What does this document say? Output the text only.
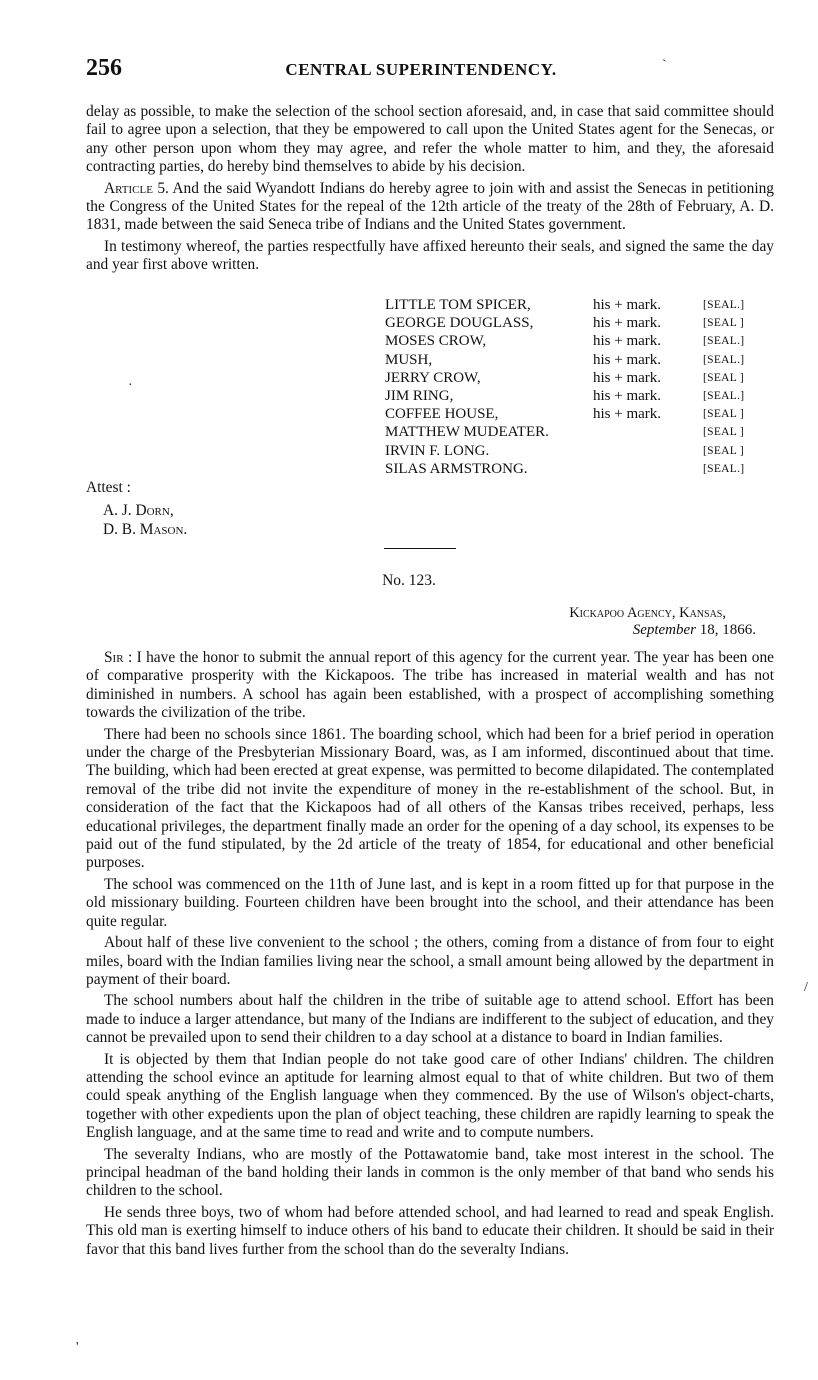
256	CENTRAL SUPERINTENDENCY.

delay as possible, to make the selection of the school section aforesaid, and, in case that said committee should fail to agree upon a selection, that they be empowered to call upon the United States agent for the Senecas, or any other person upon whom they may agree, and refer the whole matter to him, and they, the aforesaid contracting parties, do hereby bind themselves to abide by his decision.

Article 5. And the said Wyandott Indians do hereby agree to join with and assist the Senecas in petitioning the Congress of the United States for the repeal of the 12th article of the treaty of the 28th of February, A. D. 1831, made between the said Seneca tribe of Indians and the United States government.

In testimony whereof, the parties respectfully have affixed hereunto their seals, and signed the same the day and year first above written.

LITTLE TOM SPICER,	his + mark.	[SEAL.]
GEORGE DOUGLASS,	his + mark.	[SEAL ]
MOSES CROW,	his + mark.	[SEAL.]
MUSH,	his + mark.	[SEAL.]
JERRY CROW,	his + mark.	[SEAL ]
JIM RING,	his + mark.	[SEAL.]
COFFEE HOUSE,	his + mark.	[SEAL ]
MATTHEW MUDEATER.		[SEAL ]
IRVIN F. LONG.		[SEAL ]
SILAS ARMSTRONG.		[SEAL.]
Attest :
A. J. Dorn,
D. B. Mason.
No. 123.
Kickapoo Agency, Kansas,
September 18, 1866.

Sir : I have the honor to submit the annual report of this agency for the current year. The year has been one of comparative prosperity with the Kickapoos. The tribe has increased in material wealth and has not diminished in numbers. A school has again been established, with a prospect of accomplishing something towards the civilization of the tribe.

There had been no schools since 1861. The boarding school, which had been for a brief period in operation under the charge of the Presbyterian Missionary Board, was, as I am informed, discontinued about that time. The building, which had been erected at great expense, was permitted to become dilapidated. The contemplated removal of the tribe did not invite the expenditure of money in the re-establishment of the school. But, in consideration of the fact that the Kickapoos had of all others of the Kansas tribes received, perhaps, less educational privileges, the department finally made an order for the opening of a day school, its expenses to be paid out of the fund stipulated, by the 2d article of the treaty of 1854, for educational and other beneficial purposes.

The school was commenced on the 11th of June last, and is kept in a room fitted up for that purpose in the old missionary building. Fourteen children have been brought into the school, and their attendance has been quite regular.

About half of these live convenient to the school ; the others, coming from a distance of from four to eight miles, board with the Indian families living near the school, a small amount being allowed by the department in payment of their board.

The school numbers about half the children in the tribe of suitable age to attend school. Effort has been made to induce a larger attendance, but many of the Indians are indifferent to the subject of education, and they cannot be prevailed upon to send their children to a day school at a distance to board in Indian families.

It is objected by them that Indian people do not take good care of other Indians' children. The children attending the school evince an aptitude for learning almost equal to that of white children. But two of them could speak anything of the English language when they commenced. By the use of Wilson's object-charts, together with other expedients upon the plan of object teaching, these children are rapidly learning to speak the English language, and at the same time to read and write and to compute numbers.

The severalty Indians, who are mostly of the Pottawatomie band, take most interest in the school. The principal headman of the band holding their lands in common is the only member of that band who sends his children to the school.

He sends three boys, two of whom had before attended school, and had learned to read and speak English. This old man is exerting himself to induce others of his band to educate their children. It should be said in their favor that this band lives further from the school than do the severalty Indians.

`
·
/
'
